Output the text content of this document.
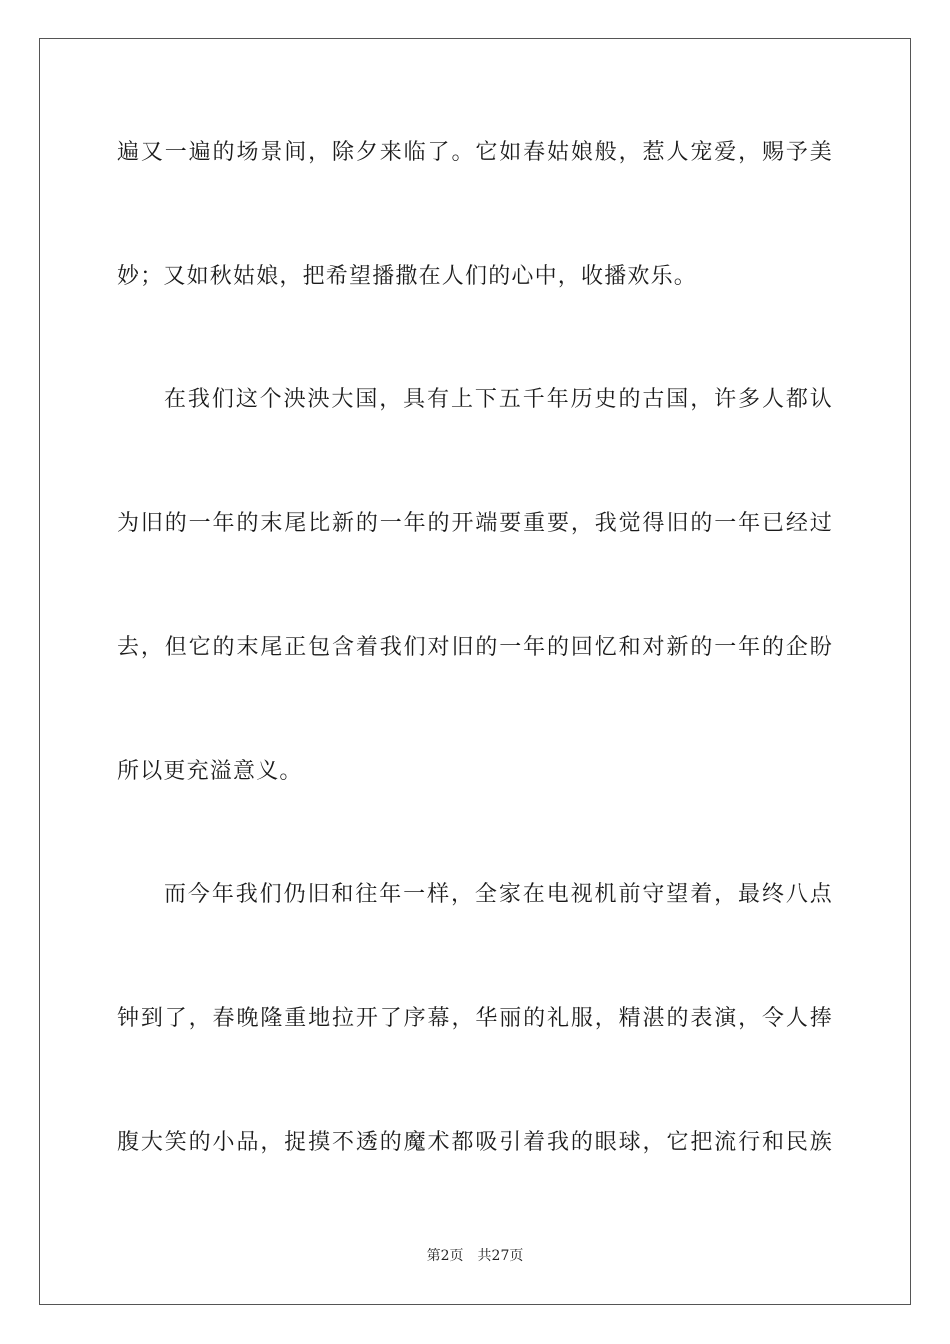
遍又一遍的场景间，除夕来临了。它如春姑娘般，惹人宠爱，赐予美
妙；又如秋姑娘，把希望播撒在人们的心中，收播欢乐。
在我们这个泱泱大国，具有上下五千年历史的古国，许多人都认
为旧的一年的末尾比新的一年的开端要重要，我觉得旧的一年已经过
去，但它的末尾正包含着我们对旧的一年的回忆和对新的一年的企盼
所以更充溢意义。
而今年我们仍旧和往年一样，全家在电视机前守望着，最终八点
钟到了，春晚隆重地拉开了序幕，华丽的礼服，精湛的表演，令人捧
腹大笑的小品，捉摸不透的魔术都吸引着我的眼球，它把流行和民族
第2页 共27页
